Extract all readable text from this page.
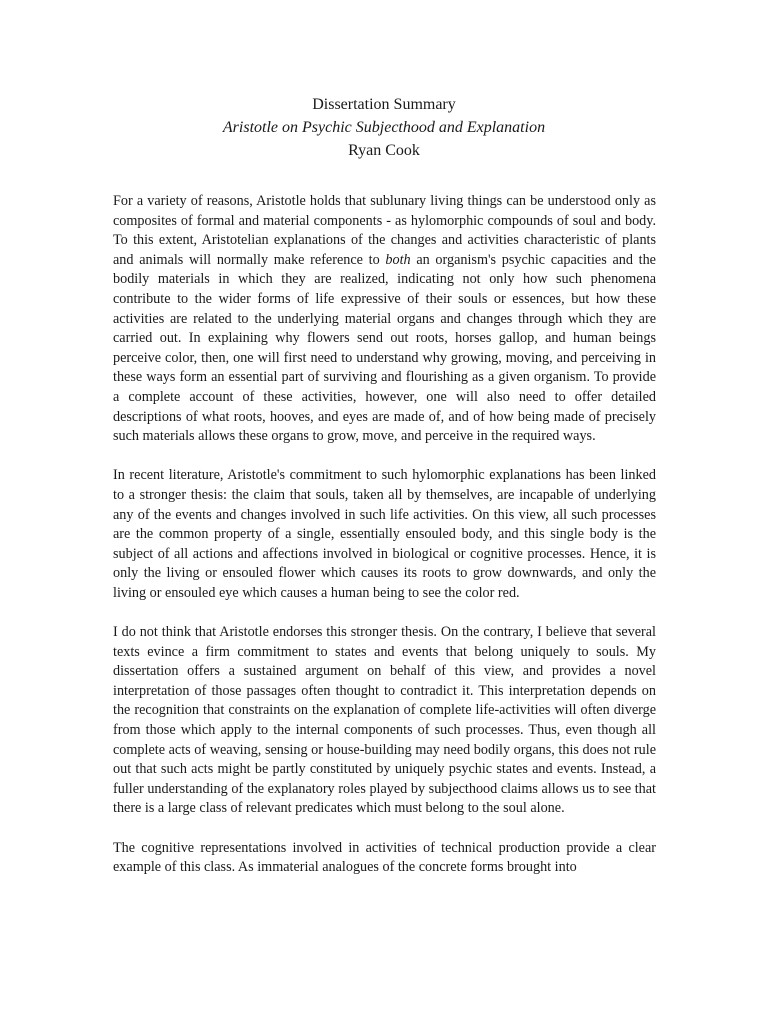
Dissertation Summary
Aristotle on Psychic Subjecthood and Explanation
Ryan Cook

For a variety of reasons, Aristotle holds that sublunary living things can be understood only as composites of formal and material components - as hylomorphic compounds of soul and body. To this extent, Aristotelian explanations of the changes and activities characteristic of plants and animals will normally make reference to both an organism's psychic capacities and the bodily materials in which they are realized, indicating not only how such phenomena contribute to the wider forms of life expressive of their souls or essences, but how these activities are related to the underlying material organs and changes through which they are carried out. In explaining why flowers send out roots, horses gallop, and human beings perceive color, then, one will first need to understand why growing, moving, and perceiving in these ways form an essential part of surviving and flourishing as a given organism. To provide a complete account of these activities, however, one will also need to offer detailed descriptions of what roots, hooves, and eyes are made of, and of how being made of precisely such materials allows these organs to grow, move, and perceive in the required ways.

In recent literature, Aristotle's commitment to such hylomorphic explanations has been linked to a stronger thesis: the claim that souls, taken all by themselves, are incapable of underlying any of the events and changes involved in such life activities. On this view, all such processes are the common property of a single, essentially ensouled body, and this single body is the subject of all actions and affections involved in biological or cognitive processes. Hence, it is only the living or ensouled flower which causes its roots to grow downwards, and only the living or ensouled eye which causes a human being to see the color red.

I do not think that Aristotle endorses this stronger thesis. On the contrary, I believe that several texts evince a firm commitment to states and events that belong uniquely to souls. My dissertation offers a sustained argument on behalf of this view, and provides a novel interpretation of those passages often thought to contradict it. This interpretation depends on the recognition that constraints on the explanation of complete life-activities will often diverge from those which apply to the internal components of such processes. Thus, even though all complete acts of weaving, sensing or house-building may need bodily organs, this does not rule out that such acts might be partly constituted by uniquely psychic states and events. Instead, a fuller understanding of the explanatory roles played by subjecthood claims allows us to see that there is a large class of relevant predicates which must belong to the soul alone.

The cognitive representations involved in activities of technical production provide a clear example of this class. As immaterial analogues of the concrete forms brought into
